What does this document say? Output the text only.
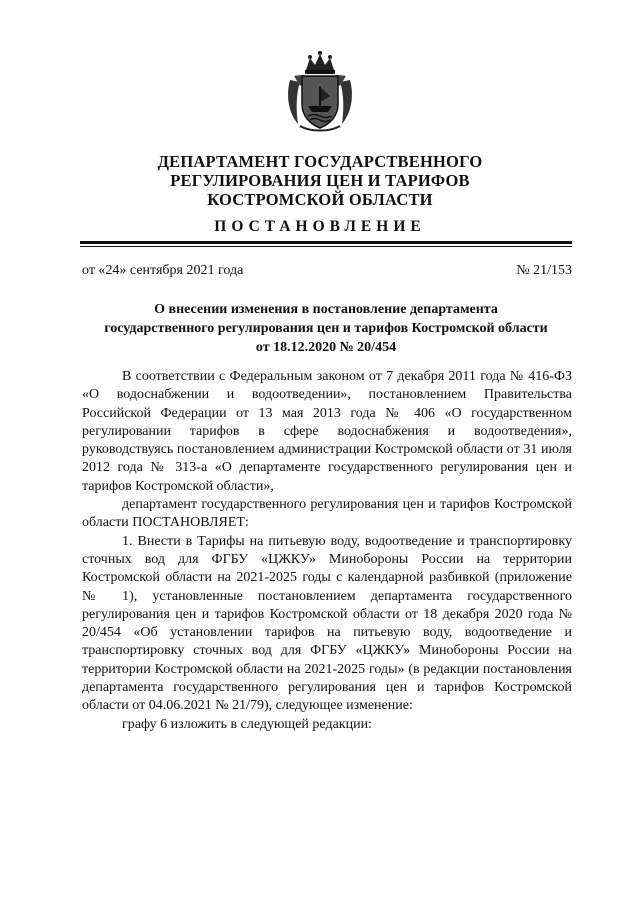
ДЕПАРТАМЕНТ ГОСУДАРСТВЕННОГО
РЕГУЛИРОВАНИЯ ЦЕН И ТАРИФОВ
КОСТРОМСКОЙ ОБЛАСТИ
ПОСТАНОВЛЕНИЕ
от «24» сентября 2021 года	№ 21/153
О внесении изменения в постановление департамента
государственного регулирования цен и тарифов Костромской области
от 18.12.2020 № 20/454
В соответствии с Федеральным законом от 7 декабря 2011 года № 416-ФЗ «О водоснабжении и водоотведении», постановлением Правительства Российской Федерации от 13 мая 2013 года № 406 «О государственном регулировании тарифов в сфере водоснабжения и водоотведения», руководствуясь постановлением администрации Костромской области от 31 июля 2012 года № 313-а «О департаменте государственного регулирования цен и тарифов Костромской области»,
департамент государственного регулирования цен и тарифов Костромской области ПОСТАНОВЛЯЕТ:
1. Внести в Тарифы на питьевую воду, водоотведение и транспортировку сточных вод для ФГБУ «ЦЖКУ» Минобороны России на территории Костромской области на 2021-2025 годы с календарной разбивкой (приложение № 1), установленные постановлением департамента государственного регулирования цен и тарифов Костромской области от 18 декабря 2020 года № 20/454 «Об установлении тарифов на питьевую воду, водоотведение и транспортировку сточных вод для ФГБУ «ЦЖКУ» Минобороны России на территории Костромской области на 2021-2025 годы» (в редакции постановления департамента государственного регулирования цен и тарифов Костромской области от 04.06.2021 № 21/79), следующее изменение:
графу 6 изложить в следующей редакции:
